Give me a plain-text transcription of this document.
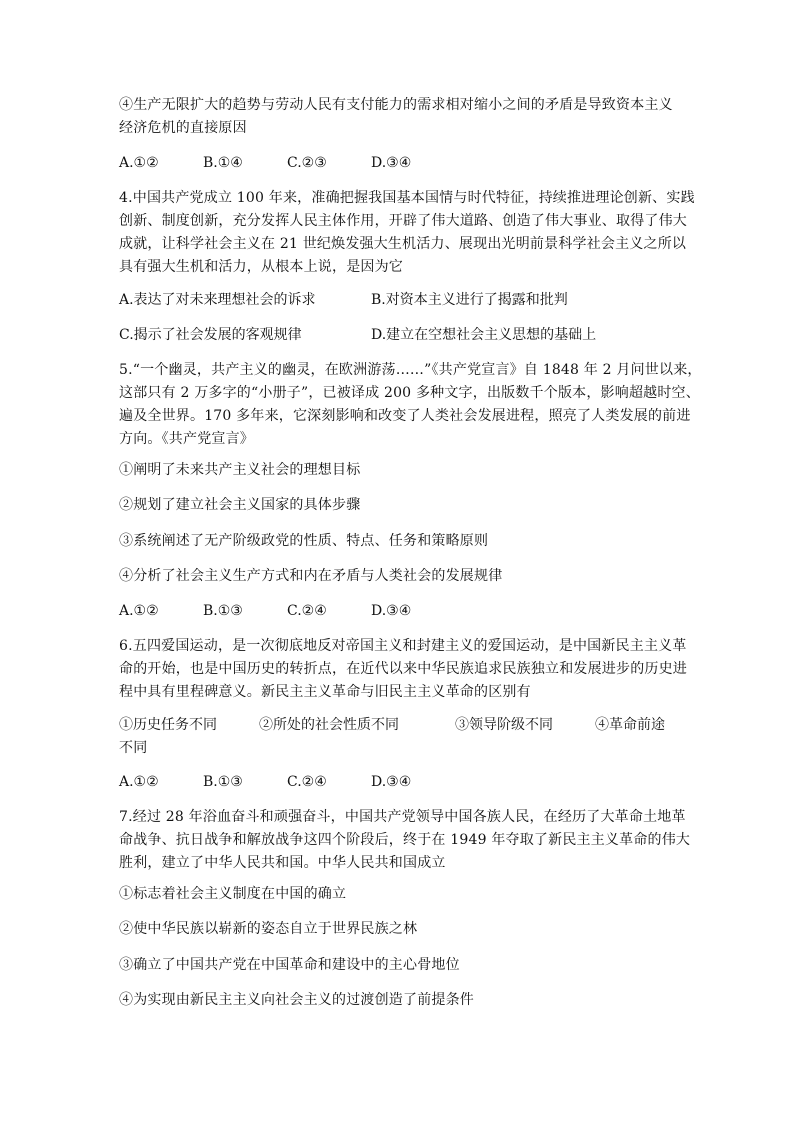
④生产无限扩大的趋势与劳动人民有支付能力的需求相对缩小之间的矛盾是导致资本主义
经济危机的直接原因
A.①②	B.①④	C.②③	D.③④
4.中国共产党成立 100 年来，准确把握我国基本国情与时代特征，持续推进理论创新、实践
创新、制度创新，充分发挥人民主体作用，开辟了伟大道路、创造了伟大事业、取得了伟大
成就，让科学社会主义在 21 世纪焕发强大生机活力、展现出光明前景科学社会主义之所以
具有强大生机和活力，从根本上说，是因为它
A.表达了对未来理想社会的诉求	B.对资本主义进行了揭露和批判
C.揭示了社会发展的客观规律	D.建立在空想社会主义思想的基础上
5.“一个幽灵，共产主义的幽灵，在欧洲游荡……”《共产党宣言》自 1848 年 2 月问世以来，
这部只有 2 万多字的“小册子”，已被译成 200 多种文字，出版数千个版本，影响超越时空、
遍及全世界。170 多年来，它深刻影响和改变了人类社会发展进程，照亮了人类发展的前进
方向。《共产党宣言》
①阐明了未来共产主义社会的理想目标
②规划了建立社会主义国家的具体步骤
③系统阐述了无产阶级政党的性质、特点、任务和策略原则
④分析了社会主义生产方式和内在矛盾与人类社会的发展规律
A.①②	B.①③	C.②④	D.③④
6.五四爱国运动，是一次彻底地反对帝国主义和封建主义的爱国运动，是中国新民主主义革
命的开始，也是中国历史的转折点，在近代以来中华民族追求民族独立和发展进步的历史进
程中具有里程碑意义。新民主主义革命与旧民主主义革命的区别有
①历史任务不同	②所处的社会性质不同	③领导阶级不同	④革命前途
不同
A.①②	B.①③	C.②④	D.③④
7.经过 28 年浴血奋斗和顽强奋斗，中国共产党领导中国各族人民，在经历了大革命土地革
命战争、抗日战争和解放战争这四个阶段后，终于在 1949 年夺取了新民主主义革命的伟大
胜利，建立了中华人民共和国。中华人民共和国成立
①标志着社会主义制度在中国的确立
②使中华民族以崭新的姿态自立于世界民族之林
③确立了中国共产党在中国革命和建设中的主心骨地位
④为实现由新民主主义向社会主义的过渡创造了前提条件
